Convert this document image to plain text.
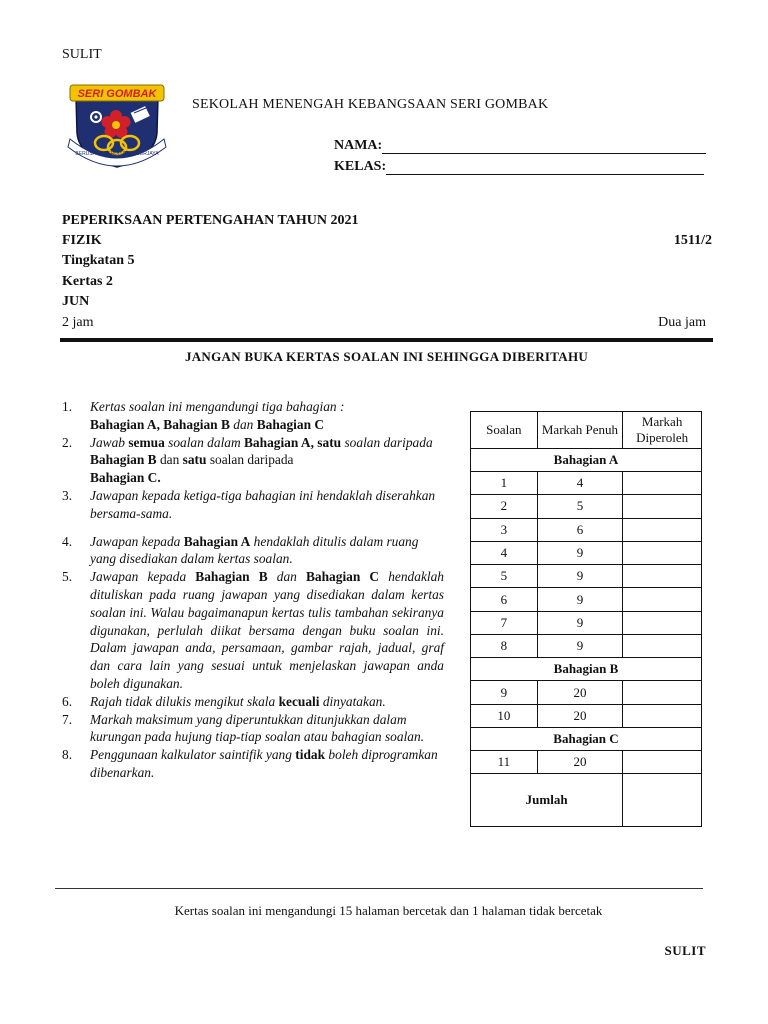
SULIT
SERI GOMBAK
BERUSAHA BERDISIPLIN BERJAYA
SEKOLAH MENENGAH KEBANGSAAN SERI GOMBAK
NAMA:
KELAS:
PEPERIKSAAN PERTENGAHAN TAHUN 2021
FIZIK	1511/2
Tingkatan 5
Kertas 2
JUN
2 jam	Dua jam
JANGAN BUKA KERTAS SOALAN INI SEHINGGA DIBERITAHU
1.	Kertas soalan ini mengandungi tiga bahagian :
Bahagian A, Bahagian B dan Bahagian C
2.	Jawab semua soalan dalam Bahagian A, satu soalan daripada Bahagian B dan satu soalan daripada
Bahagian C.
3.	Jawapan kepada ketiga-tiga bahagian ini hendaklah diserahkan bersama-sama.
4.	Jawapan kepada Bahagian A hendaklah ditulis dalam ruang yang disediakan dalam kertas soalan.
5.	Jawapan kepada Bahagian B dan Bahagian C hendaklah dituliskan pada ruang jawapan yang disediakan dalam kertas soalan ini. Walau bagaimanapun kertas tulis tambahan sekiranya digunakan, perlulah diikat bersama dengan buku soalan ini. Dalam jawapan anda, persamaan, gambar rajah, jadual, graf dan cara lain yang sesuai untuk menjelaskan jawapan anda boleh digunakan.
6.	Rajah tidak dilukis mengikut skala kecuali dinyatakan.
7.	Markah maksimum yang diperuntukkan ditunjukkan dalam kurungan pada hujung tiap-tiap soalan atau bahagian soalan.
8.	Penggunaan kalkulator saintifik yang tidak boleh diprogramkan dibenarkan.
Soalan	Markah Penuh	Markah Diperoleh
Bahagian A		
1	4	
2	5	
3	6	
4	9	
5	9	
6	9	
7	9	
8	9	
Bahagian B		
9	20	
10	20	
Bahagian C		
11	20	
Jumlah		
Kertas soalan ini mengandungi 15 halaman bercetak dan 1 halaman tidak bercetak
SULIT
